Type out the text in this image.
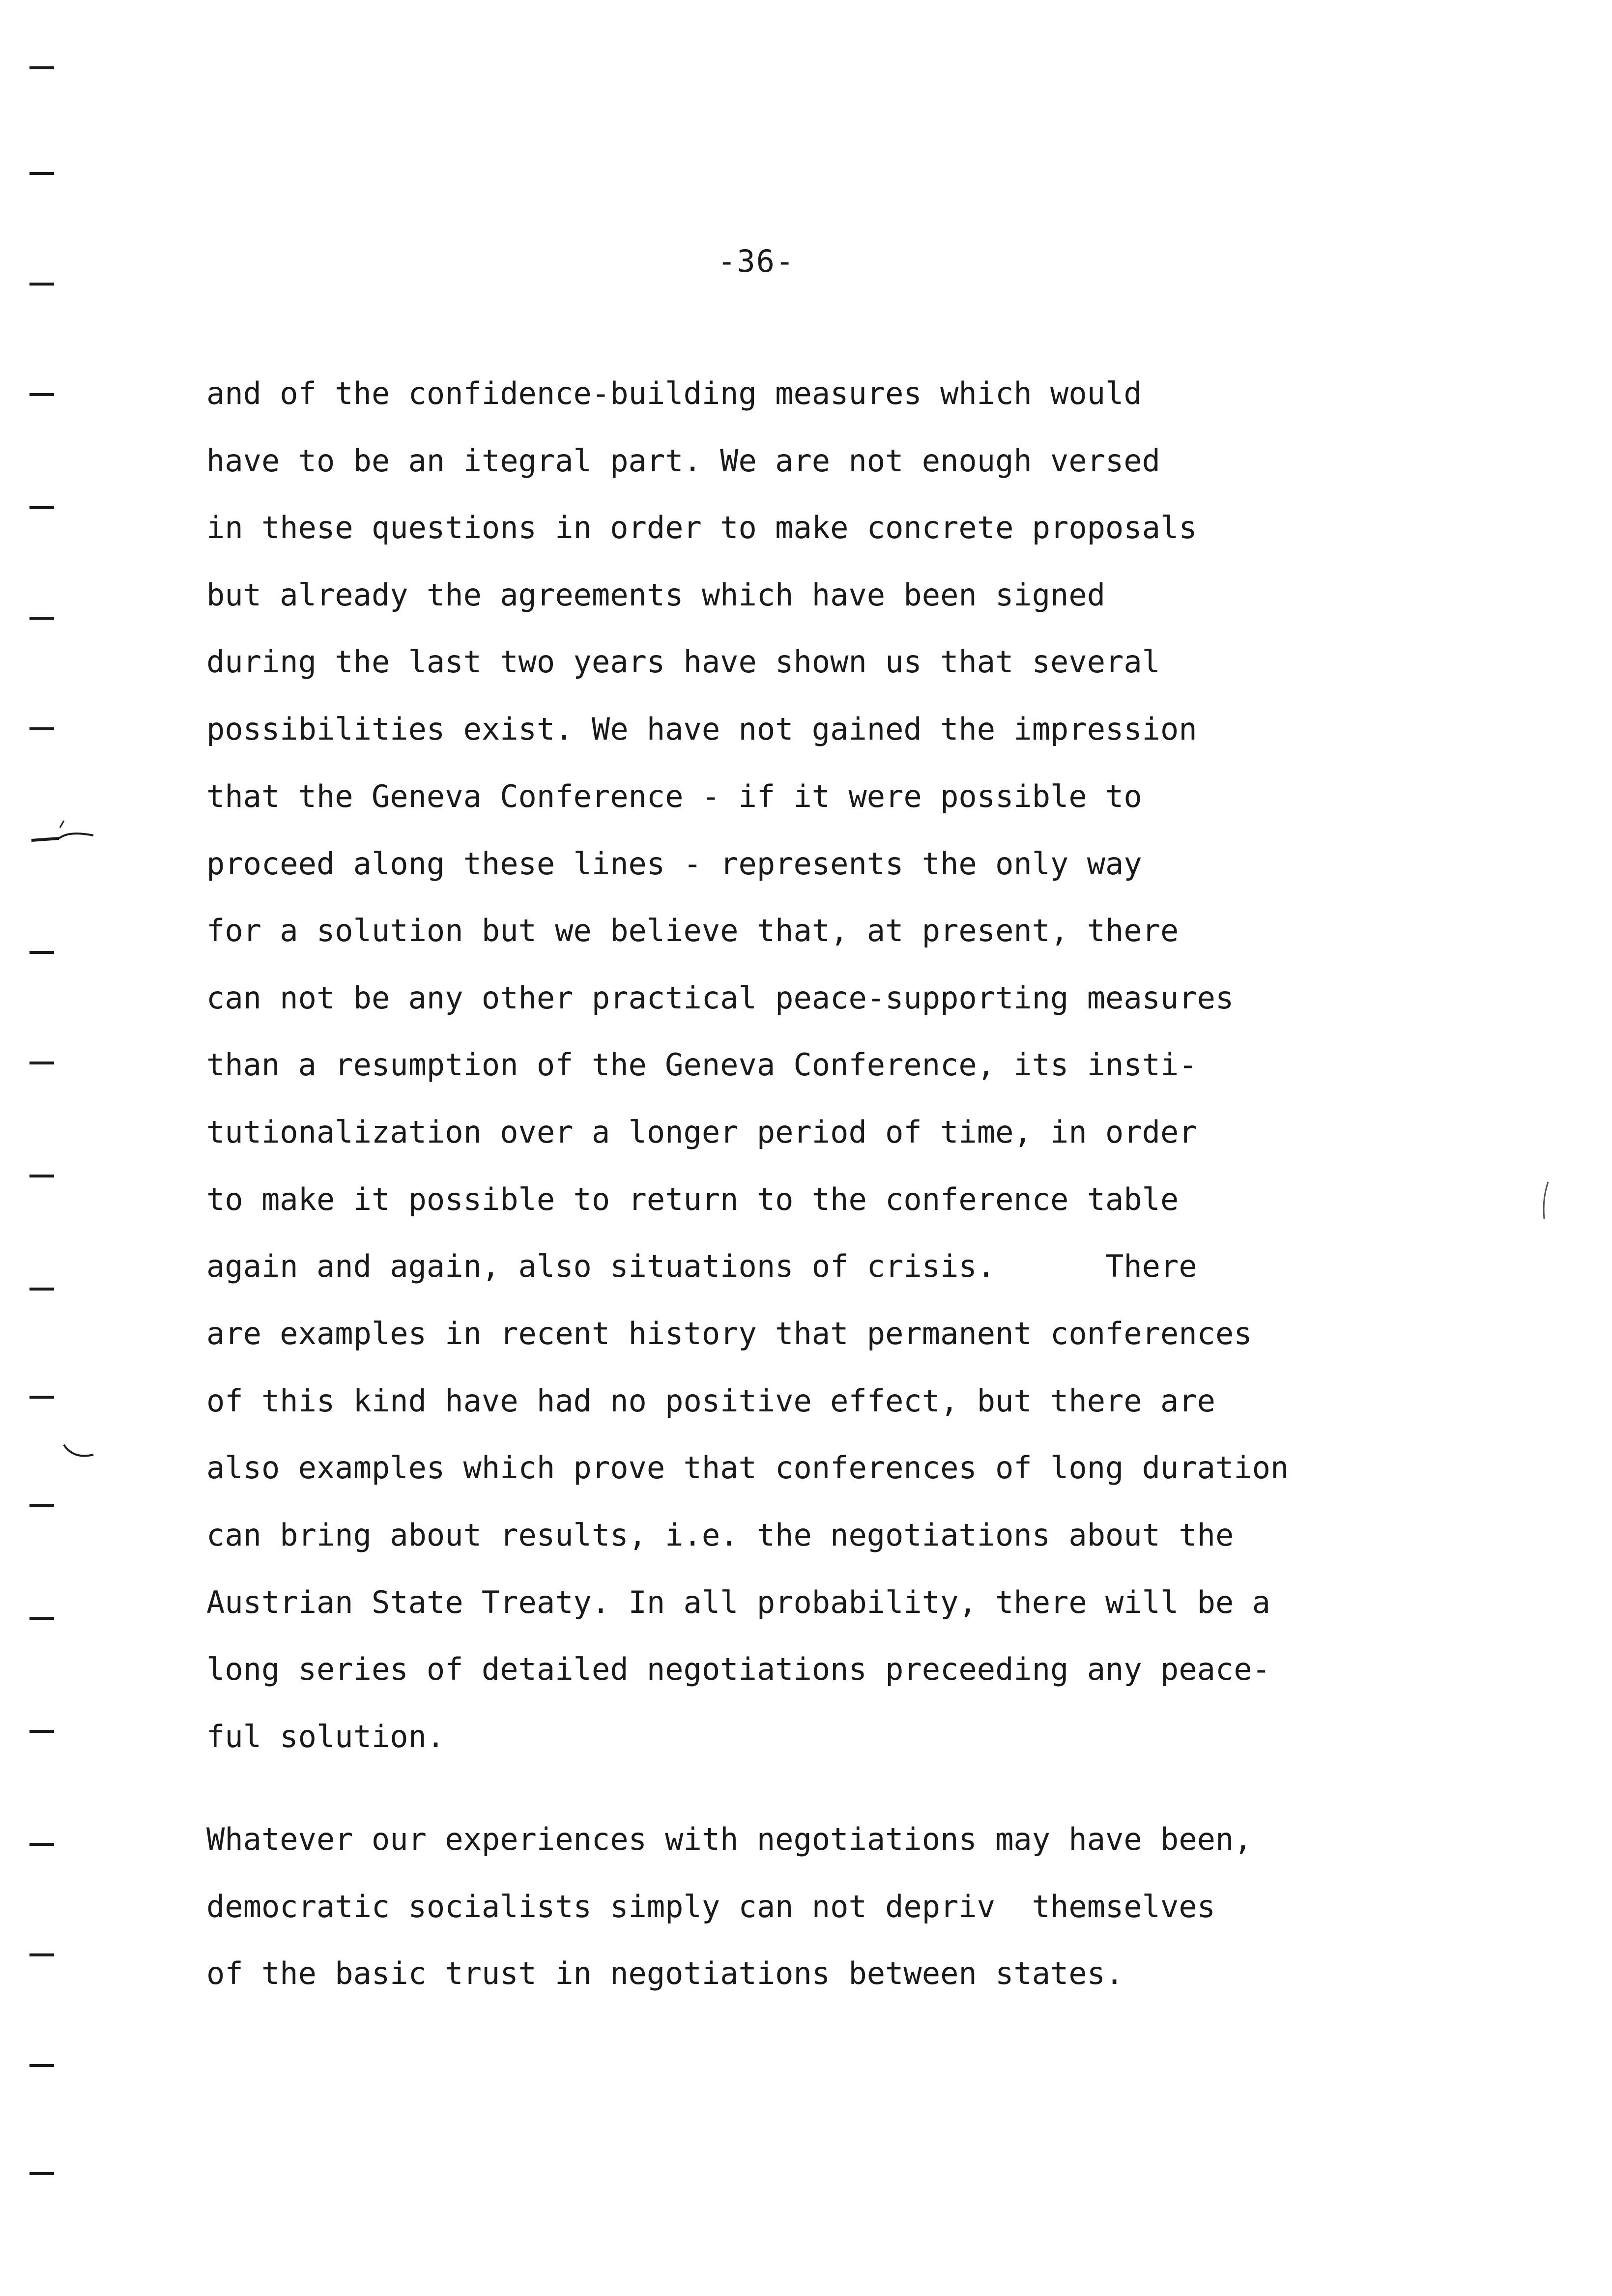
-36-
and of the confidence-building measures which would
have to be an itegral part. We are not enough versed
in these questions in order to make concrete proposals
but already the agreements which have been signed
during the last two years have shown us that several
possibilities exist. We have not gained the impression
that the Geneva Conference - if it were possible to
proceed along these lines - represents the only way
for a solution but we believe that, at present, there
can not be any other practical peace-supporting measures
than a resumption of the Geneva Conference, its insti-
tutionalization over a longer period of time, in order
to make it possible to return to the conference table
again and again, also situations of crisis.      There
are examples in recent history that permanent conferences
of this kind have had no positive effect, but there are
also examples which prove that conferences of long duration
can bring about results, i.e. the negotiations about the
Austrian State Treaty. In all probability, there will be a
long series of detailed negotiations preceeding any peace-
ful solution.
Whatever our experiences with negotiations may have been,
democratic socialists simply can not depriv  themselves
of the basic trust in negotiations between states.
